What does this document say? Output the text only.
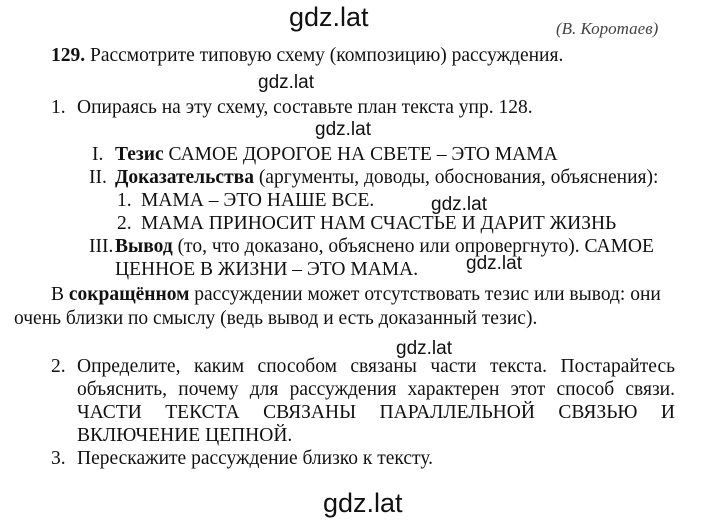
gdz.lat
gdz.lat
gdz.lat
gdz.lat
gdz.lat
gdz.lat
gdz.lat
(В. Коротаев)
129. Рассмотрите типовую схему (композицию) рассуждения.
1. Опираясь на эту схему, составьте план текста упр. 128.
I. Тезис САМОЕ ДОРОГОЕ НА СВЕТЕ – ЭТО МАМА
II. Доказательства (аргументы, доводы, обоснования, объяснения):
1. МАМА – ЭТО НАШЕ ВСЕ.
2. МАМА ПРИНОСИТ НАМ СЧАСТЬЕ И ДАРИТ ЖИЗНЬ
III. Вывод (то, что доказано, объяснено или опровергнуто). САМОЕ
ЦЕННОЕ В ЖИЗНИ – ЭТО МАМА.
В сокращённом рассуждении может отсутствовать тезис или вывод: они
очень близки по смыслу (ведь вывод и есть доказанный тезис).
2. Определите, каким способом связаны части текста. Постарайтесь
объяснить, почему для рассуждения характерен этот способ связи.
ЧАСТИ ТЕКСТА СВЯЗАНЫ ПАРАЛЛЕЛЬНОЙ СВЯЗЬЮ И
ВКЛЮЧЕНИЕ ЦЕПНОЙ.
3. Перескажите рассуждение близко к тексту.
